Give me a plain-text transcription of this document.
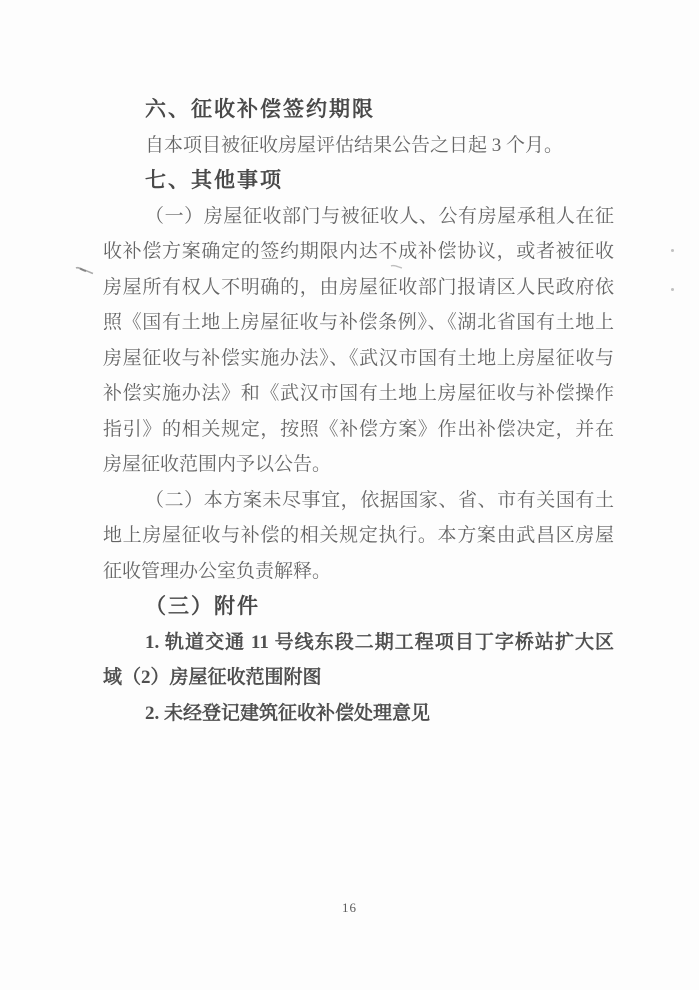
六、征收补偿签约期限
自本项目被征收房屋评估结果公告之日起 3 个月。
七、其他事项
（一）房屋征收部门与被征收人、公有房屋承租人在征
收补偿方案确定的签约期限内达不成补偿协议，或者被征收
房屋所有权人不明确的，由房屋征收部门报请区人民政府依
照《国有土地上房屋征收与补偿条例》、《湖北省国有土地上
房屋征收与补偿实施办法》、《武汉市国有土地上房屋征收与
补偿实施办法》和《武汉市国有土地上房屋征收与补偿操作
指引》的相关规定，按照《补偿方案》作出补偿决定，并在
房屋征收范围内予以公告。
（二）本方案未尽事宜，依据国家、省、市有关国有土
地上房屋征收与补偿的相关规定执行。本方案由武昌区房屋
征收管理办公室负责解释。
（三）附件
1. 轨道交通 11 号线东段二期工程项目丁字桥站扩大区
域（2）房屋征收范围附图
2. 未经登记建筑征收补偿处理意见
16
